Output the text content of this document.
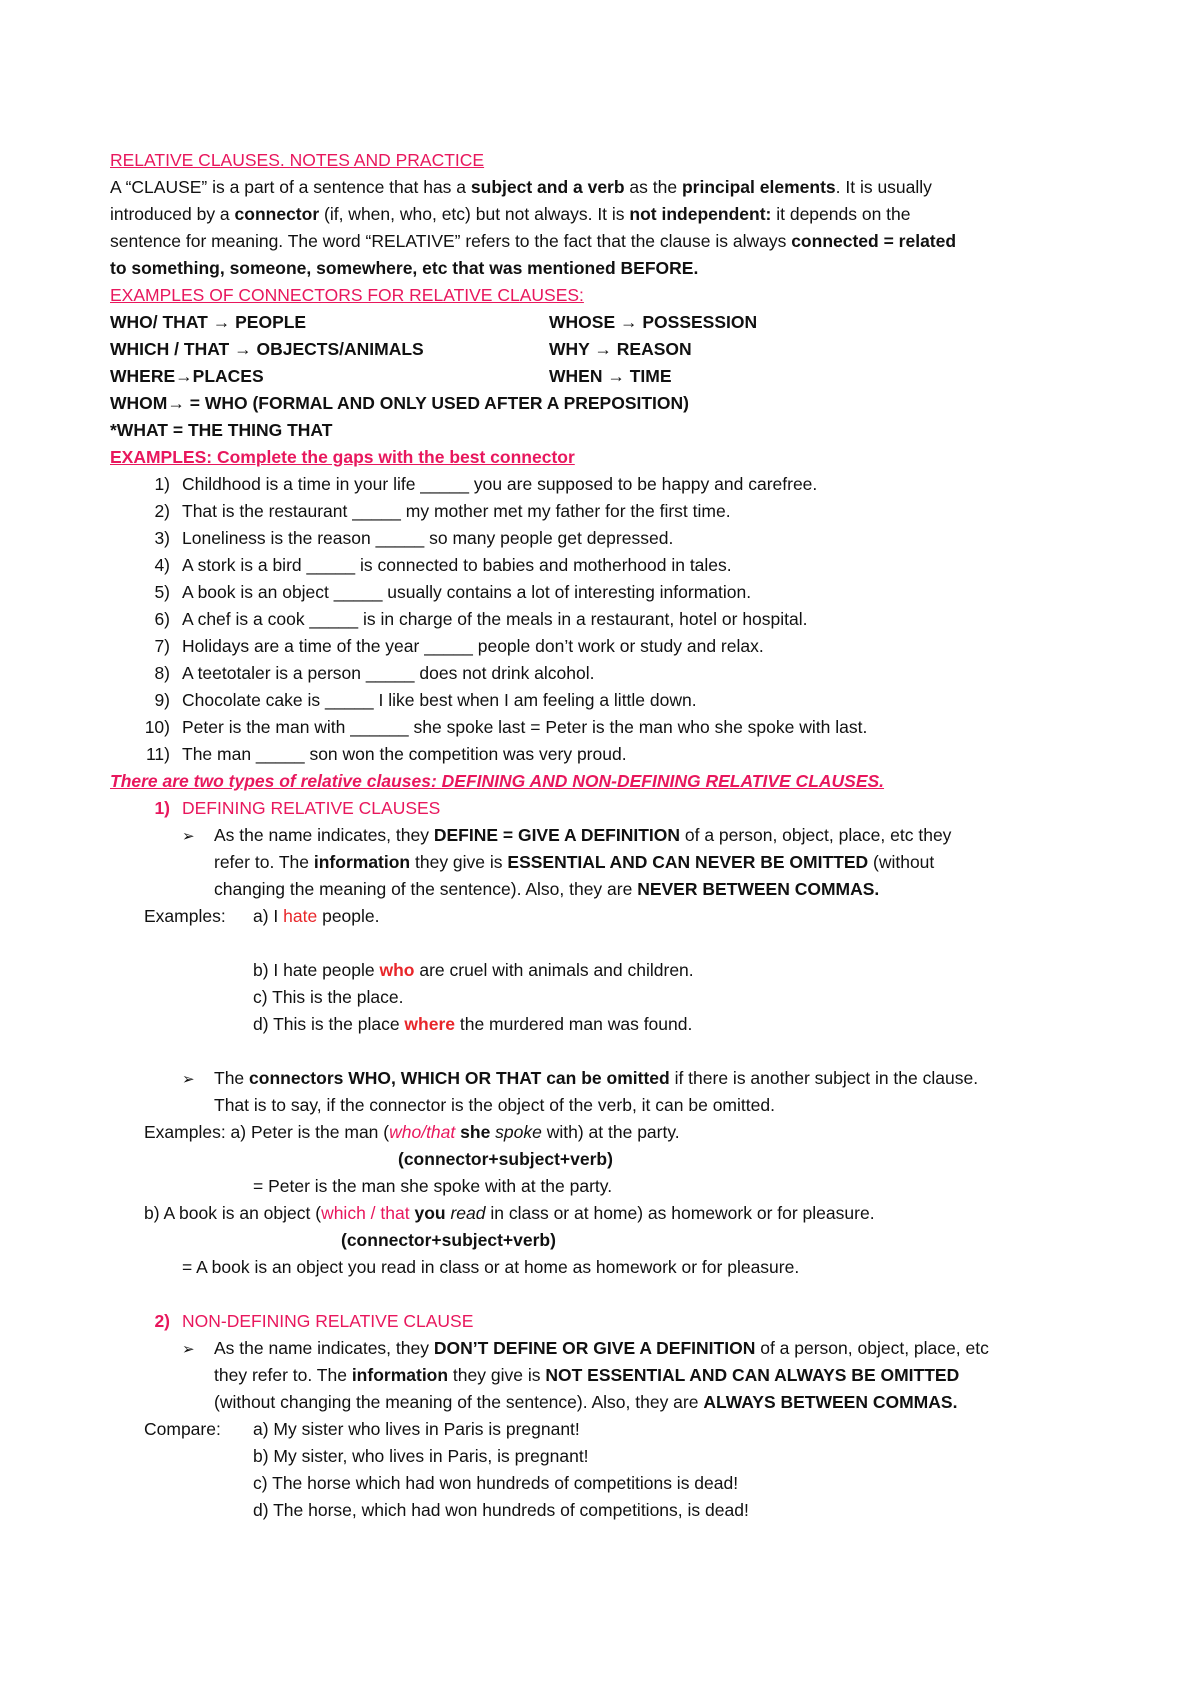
RELATIVE CLAUSES. NOTES AND PRACTICE
A “CLAUSE” is a part of a sentence that has a subject and a verb as the principal elements. It is usually
introduced by a connector (if, when, who, etc) but not always. It is not independent: it depends on the
sentence for meaning. The word “RELATIVE” refers to the fact that the clause is always connected = related
to something, someone, somewhere, etc that was mentioned BEFORE.
EXAMPLES OF CONNECTORS FOR RELATIVE CLAUSES:
WHO/ THAT → PEOPLE	WHOSE → POSSESSION
WHICH / THAT → OBJECTS/ANIMALS	WHY → REASON
WHERE→PLACES	WHEN → TIME
WHOM→ = WHO (FORMAL AND ONLY USED AFTER A PREPOSITION)
*WHAT = THE THING THAT
EXAMPLES: Complete the gaps with the best connector
1) Childhood is a time in your life _____ you are supposed to be happy and carefree.
2) That is the restaurant _____ my mother met my father for the first time.
3) Loneliness is the reason _____ so many people get depressed.
4) A stork is a bird _____ is connected to babies and motherhood in tales.
5) A book is an object _____ usually contains a lot of interesting information.
6) A chef is a cook _____ is in charge of the meals in a restaurant, hotel or hospital.
7) Holidays are a time of the year _____ people don’t work or study and relax.
8) A teetotaler is a person _____ does not drink alcohol.
9) Chocolate cake is _____ I like best when I am feeling a little down.
10) Peter is the man with ______ she spoke last = Peter is the man who she spoke with last.
11) The man _____ son won the competition was very proud.
There are two types of relative clauses: DEFINING AND NON-DEFINING RELATIVE CLAUSES.
1) DEFINING RELATIVE CLAUSES
➢ As the name indicates, they DEFINE = GIVE A DEFINITION of a person, object, place, etc they
refer to. The information they give is ESSENTIAL AND CAN NEVER BE OMITTED (without
changing the meaning of the sentence). Also, they are NEVER BETWEEN COMMAS.
Examples: a) I hate people.
b) I hate people who are cruel with animals and children.
c) This is the place.
d) This is the place where the murdered man was found.
➢ The connectors WHO, WHICH OR THAT can be omitted if there is another subject in the clause.
That is to say, if the connector is the object of the verb, it can be omitted.
Examples: a) Peter is the man (who/that she spoke with) at the party.
(connector+subject+verb)
= Peter is the man she spoke with at the party.
b) A book is an object (which / that you read in class or at home) as homework or for pleasure.
(connector+subject+verb)
= A book is an object you read in class or at home as homework or for pleasure.
2) NON-DEFINING RELATIVE CLAUSE
➢ As the name indicates, they DON’T DEFINE OR GIVE A DEFINITION of a person, object, place, etc
they refer to. The information they give is NOT ESSENTIAL AND CAN ALWAYS BE OMITTED
(without changing the meaning of the sentence). Also, they are ALWAYS BETWEEN COMMAS.
Compare: a) My sister who lives in Paris is pregnant!
b) My sister, who lives in Paris, is pregnant!
c) The horse which had won hundreds of competitions is dead!
d) The horse, which had won hundreds of competitions, is dead!
